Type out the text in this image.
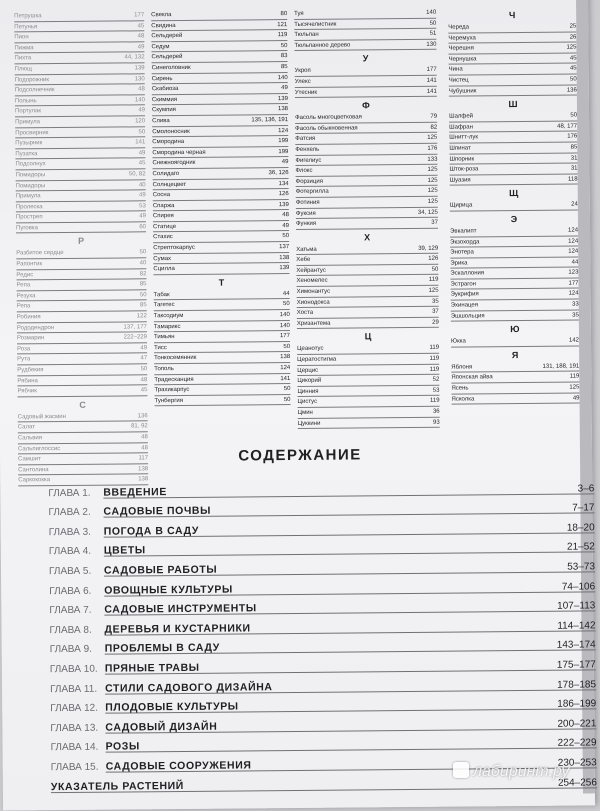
Петрушка	177
Петунья	45
Пион	48
Пижма	49
Пихта	44, 132
Плющ	139
Подорожник	130
Подсолнечник	48
Полынь	140
Портулак	49
Примула	120
Просвирник	50
Пузырник	141
Пузатка	49
Подсолнух	45
Помидоры	50, 82
Помидоры	40
Примула	49
Пролеска	53
Простреп	49
Пуговка	60
Р
Разбитое сердце	50
Рапонтик	40
Редис	82
Репа	85
Резуха	50
Репа	85
Робиния	122
Рододендрон	137, 177
Розмарин	222–229
Роза	49
Рута	47
Рудбекия	50
Рябина	48
Рябчик	45
С
Садовый жасмин	136
Салат	81, 92
Сальвия	48
Сальпиглоссис	48
Самшит	117
Сантолина	138
Саркококка	138
Свекла	80
Свидина	121
Сельдерей	119
Седум	50
Сельдерей	83
Синеголовник	85
Сирень	140
Скабиоза	49
Скиммия	139
Скумпия	138
Слива	135, 136, 191
Смолоносник	124
Смородина	199
Смородина черная	199
Снежноягодник	49
Солидаго	36, 126
Солнцецвет	134
Сосна	126
Спаржа	139
Спирея	48
Статице	49
Стахис	50
Стрептокарпус	137
Сумах	138
Сцилла	139
Т
Табак	44
Тагетес	50
Таксодиум	140
Тамарикс	140
Тимьян	177
Тисс	50
Тонкосемянник	138
Тополь	124
Традесканция	141
Трахикарпус	50
Тунбергия	50
Туя	140
Тысячелистник	50
Тюльпан	51
Тюльпанное дерево	130
У
Укроп	177
Улекс	141
Утесник	141
Ф
Фасоль многоцветковая	79
Фасоль обыкновенная	82
Фатсия	125
Фенхель	176
Фигелиус	133
Флокс	125
Форзиция	125
Фотергилла	125
Фотиния	125
Фуксия	34, 125
Функия	37
Х
Хатьма	39, 129
Хебе	126
Хейрантус	50
Хеномелес	119
Химонантус	125
Хионодокса	35
Хоста	37
Хризантема	29
Ц
Цеанотус	119
Цератостигма	119
Церцис	119
Цикорий	52
Цинния	53
Цистус	119
Цмин	36
Цуккини	93
Ч
Череда	25
Черемуха	26
Черешня	125
Чернушка	45
Чина	45
Чистец	50
Чубушник	136
Ш
Шалфей	50
Шафран	48, 177
Шнитт-лук	176
Шпинат	85
Шпорник	31
Шток-роза	31
Шуазия	118
Щ
Щирица	24
Э
Эвкалипт	124
Экзохорда	124
Энотера	124
Эрика	44
Эскаллония	123
Эстрагон	177
Эукрифия	124
Эхинацея	33
Эшшольция	35
Ю
Юкка	142
Я
Яблоня	131, 188, 191
Японская айва	119
Ясень	125
Ясколка	49
СОДЕРЖАНИЕ
ГЛАВА 1. ВВЕДЕНИЕ	3–6
ГЛАВА 2. САДОВЫЕ ПОЧВЫ	7–17
ГЛАВА 3. ПОГОДА В САДУ	18–20
ГЛАВА 4. ЦВЕТЫ	21–52
ГЛАВА 5. САДОВЫЕ РАБОТЫ	53–73
ГЛАВА 6. ОВОЩНЫЕ КУЛЬТУРЫ	74–106
ГЛАВА 7. САДОВЫЕ ИНСТРУМЕНТЫ	107–113
ГЛАВА 8. ДЕРЕВЬЯ И КУСТАРНИКИ	114–142
ГЛАВА 9. ПРОБЛЕМЫ В САДУ	143–174
ГЛАВА 10. ПРЯНЫЕ ТРАВЫ	175–177
ГЛАВА 11. СТИЛИ САДОВОГО ДИЗАЙНА	178–185
ГЛАВА 12. ПЛОДОВЫЕ КУЛЬТУРЫ	186–199
ГЛАВА 13. САДОВЫЙ ДИЗАЙН	200–221
ГЛАВА 14. РОЗЫ	222–229
ГЛАВА 15. САДОВЫЕ СООРУЖЕНИЯ	230–253
УКАЗАТЕЛЬ РАСТЕНИЙ	254–256
лабиринт.ру
